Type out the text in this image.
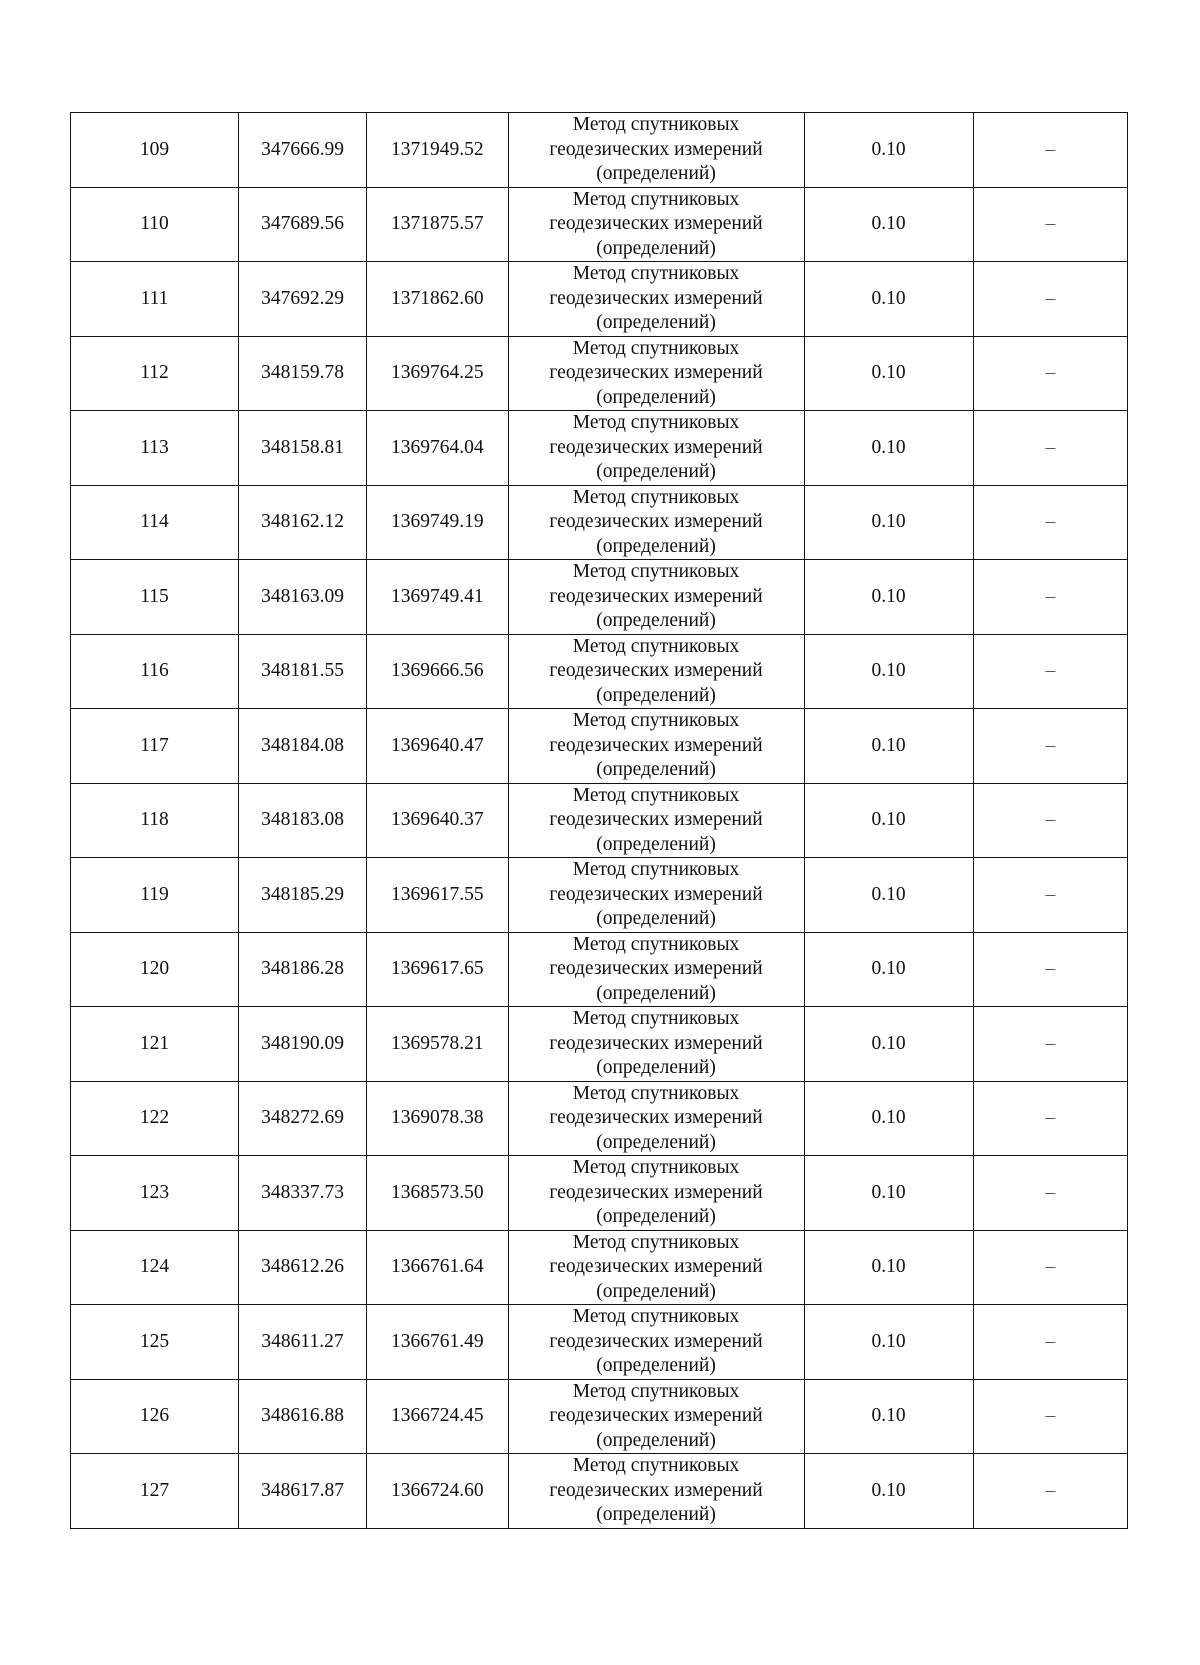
109	347666.99	1371949.52	Метод спутниковых
геодезических измерений
(определений)	0.10	–
110	347689.56	1371875.57	Метод спутниковых
геодезических измерений
(определений)	0.10	–
111	347692.29	1371862.60	Метод спутниковых
геодезических измерений
(определений)	0.10	–
112	348159.78	1369764.25	Метод спутниковых
геодезических измерений
(определений)	0.10	–
113	348158.81	1369764.04	Метод спутниковых
геодезических измерений
(определений)	0.10	–
114	348162.12	1369749.19	Метод спутниковых
геодезических измерений
(определений)	0.10	–
115	348163.09	1369749.41	Метод спутниковых
геодезических измерений
(определений)	0.10	–
116	348181.55	1369666.56	Метод спутниковых
геодезических измерений
(определений)	0.10	–
117	348184.08	1369640.47	Метод спутниковых
геодезических измерений
(определений)	0.10	–
118	348183.08	1369640.37	Метод спутниковых
геодезических измерений
(определений)	0.10	–
119	348185.29	1369617.55	Метод спутниковых
геодезических измерений
(определений)	0.10	–
120	348186.28	1369617.65	Метод спутниковых
геодезических измерений
(определений)	0.10	–
121	348190.09	1369578.21	Метод спутниковых
геодезических измерений
(определений)	0.10	–
122	348272.69	1369078.38	Метод спутниковых
геодезических измерений
(определений)	0.10	–
123	348337.73	1368573.50	Метод спутниковых
геодезических измерений
(определений)	0.10	–
124	348612.26	1366761.64	Метод спутниковых
геодезических измерений
(определений)	0.10	–
125	348611.27	1366761.49	Метод спутниковых
геодезических измерений
(определений)	0.10	–
126	348616.88	1366724.45	Метод спутниковых
геодезических измерений
(определений)	0.10	–
127	348617.87	1366724.60	Метод спутниковых
геодезических измерений
(определений)	0.10	–
